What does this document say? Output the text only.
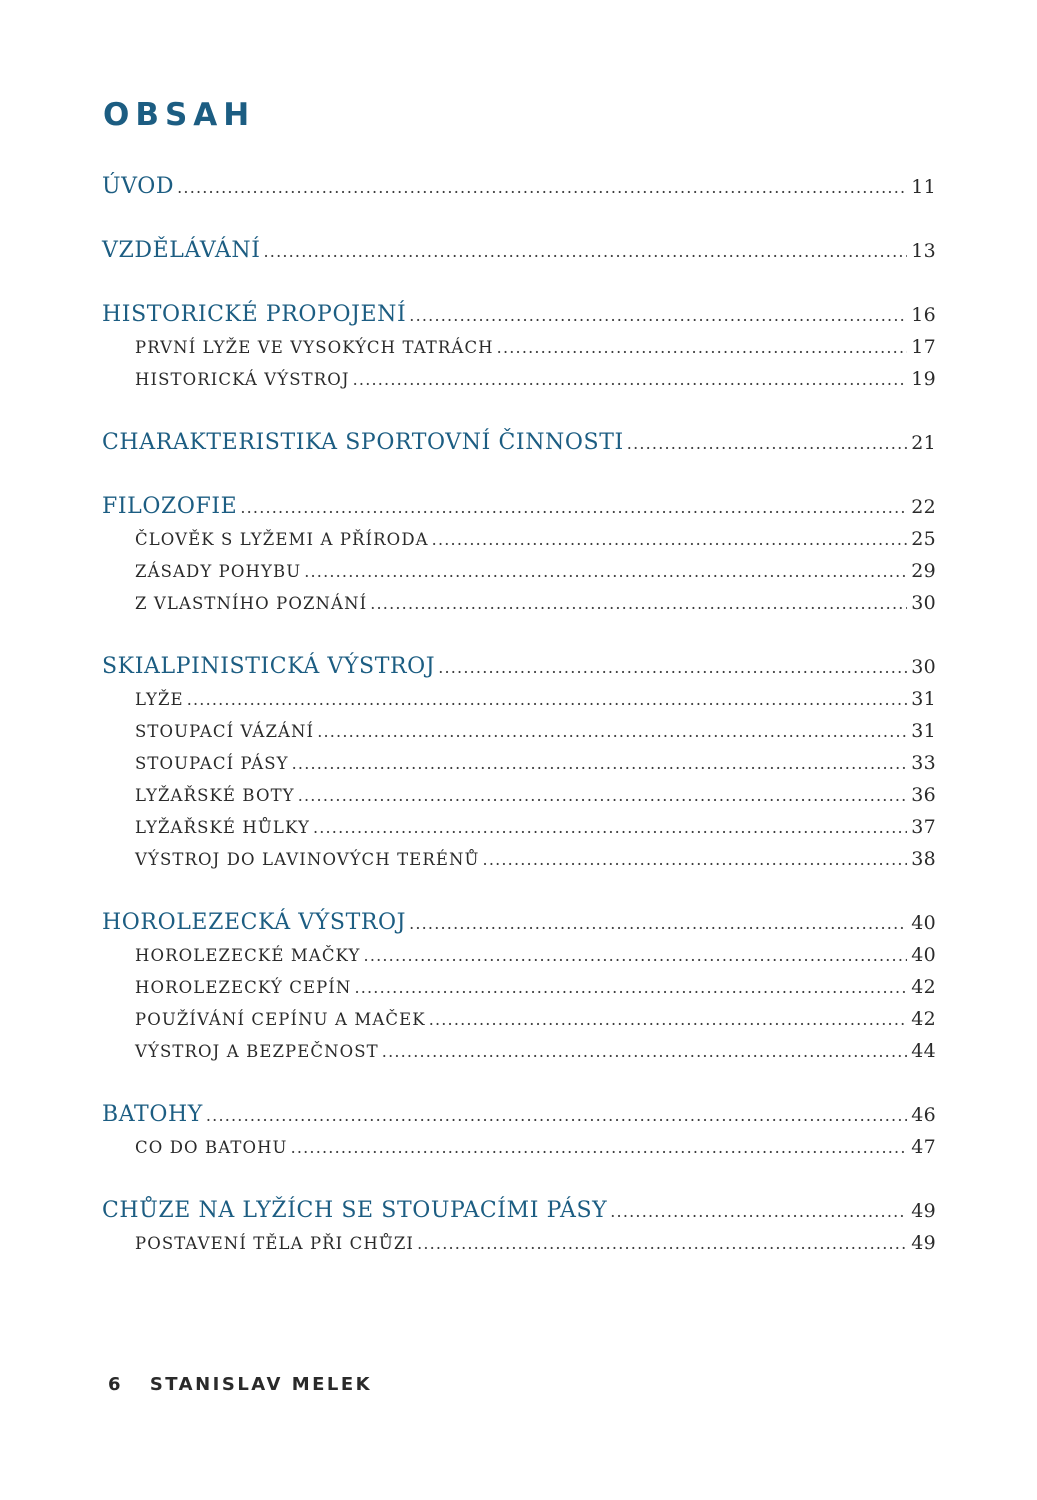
OBSAH
ÚVOD .....	11
VZDĚLÁVÁNÍ .....	13
HISTORICKÉ PROPOJENÍ .....	16
PRVNÍ LYŽE VE VYSOKÝCH TATRÁCH .....	17
HISTORICKÁ VÝSTROJ .....	19
CHARAKTERISTIKA SPORTOVNÍ ČINNOSTI .....	21
FILOZOFIE .....	22
ČLOVĚK S LYŽEMI A PŘÍRODA .....	25
ZÁSADY POHYBU .....	29
Z VLASTNÍHO POZNÁNÍ .....	30
SKIALPINISTICKÁ VÝSTROJ .....	30
LYŽE .....	31
STOUPACÍ VÁZÁNÍ .....	31
STOUPACÍ PÁSY .....	33
LYŽAŘSKÉ BOTY .....	36
LYŽAŘSKÉ HŮLKY .....	37
VÝSTROJ DO LAVINOVÝCH TERÉNŮ .....	38
HOROLEZECKÁ VÝSTROJ .....	40
HOROLEZECKÉ MAČKY .....	40
HOROLEZECKÝ CEPÍN .....	42
POUŽÍVÁNÍ CEPÍNU A MAČEK .....	42
VÝSTROJ A BEZPEČNOST .....	44
BATOHY .....	46
CO DO BATOHU .....	47
CHŮZE NA LYŽÍCH SE STOUPACÍMI PÁSY .....	49
POSTAVENÍ TĚLA PŘI CHŮZI .....	49
6 STANISLAV MELEK
